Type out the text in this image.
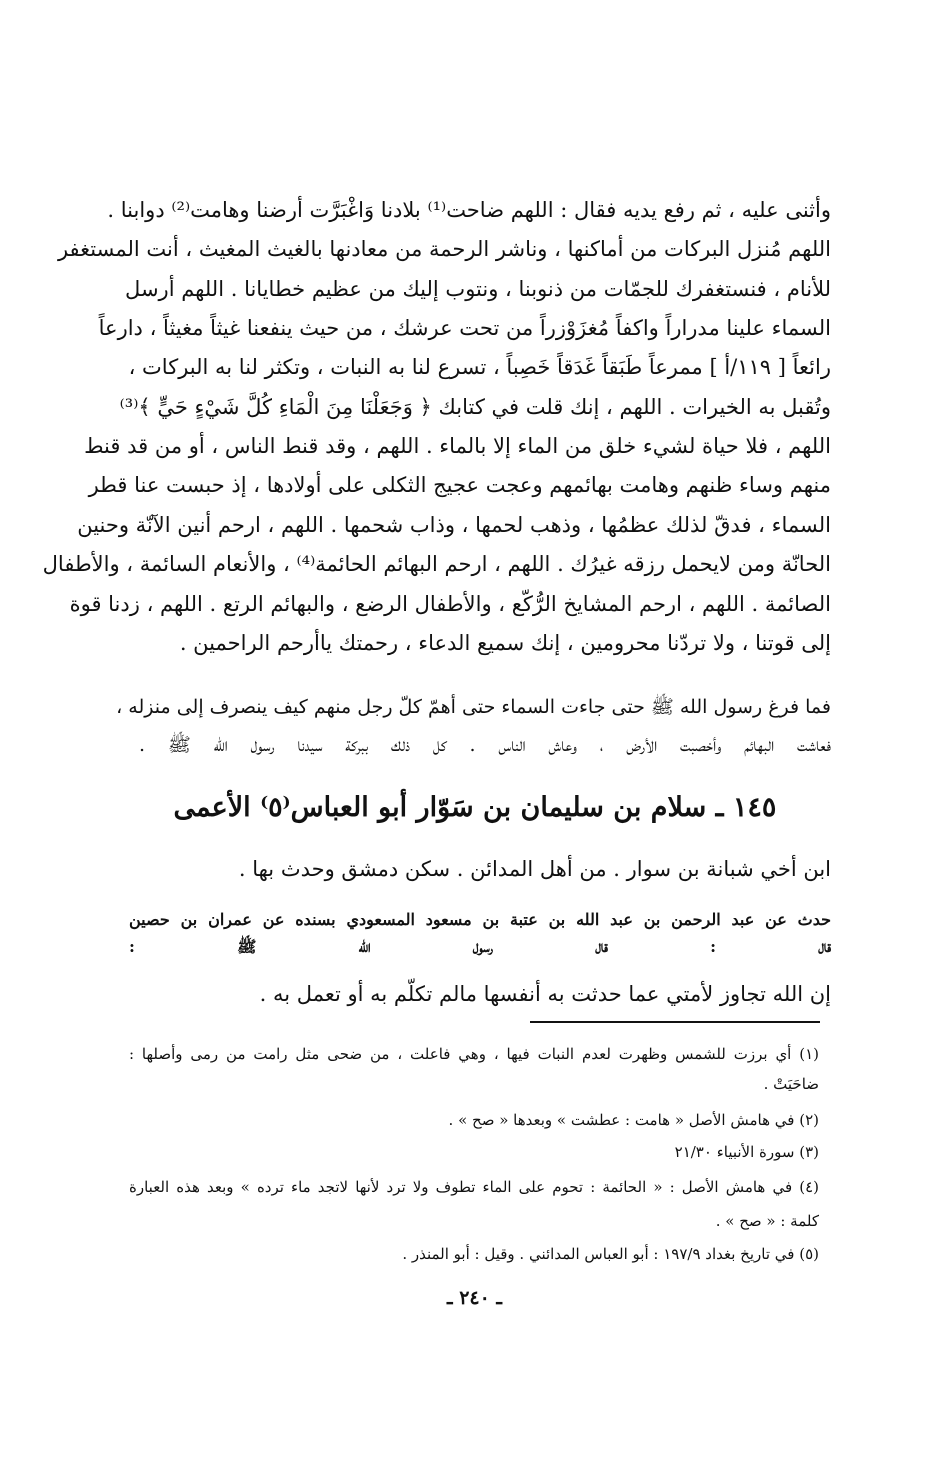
وأثنى عليه ، ثم رفع يديه فقال : اللهم ضاحت⁽¹⁾ بلادنا وَاغْبَرَّت أرضنا وهامت⁽²⁾ دوابنا .
اللهم مُنزل البركات من أماكنها ، وناشر الرحمة من معادنها بالغيث المغيث ، أنت المستغفر
للأنام ، فنستغفرك للجمّات من ذنوبنا ، ونتوب إليك من عظيم خطايانا . اللهم أرسل
السماء علينا مدراراً واكفاً مُغزَوْزراً من تحت عرشك ، من حيث ينفعنا غيثاً مغيثاً ، دارعاً
رائعاً [ ١١٩/أ ] ممرعاً طَبَقاً غَدَقاً خَصِباً ، تسرع لنا به النبات ، وتكثر لنا به البركات ،
وتُقبل به الخيرات . اللهم ، إنك قلت في كتابك ﴿ وَجَعَلْنَا مِنَ الْمَاءِ كُلَّ شَيْءٍ حَيٍّ ﴾⁽³⁾
اللهم ، فلا حياة لشيء خلق من الماء إلا بالماء . اللهم ، وقد قنط الناس ، أو من قد قنط
منهم وساء ظنهم وهامت بهائمهم وعجت عجيج الثكلى على أولادها ، إذ حبست عنا قطر
السماء ، فدقّ لذلك عظمُها ، وذهب لحمها ، وذاب شحمها . اللهم ، ارحم أنين الآنّة وحنين
الحانّة ومن لايحمل رزقه غيرُك . اللهم ، ارحم البهائم الحائمة⁽⁴⁾ ، والأنعام السائمة ، والأطفال
الصائمة . اللهم ، ارحم المشايخ الرُّكّع ، والأطفال الرضع ، والبهائم الرتع . اللهم ، زدنا قوة
إلى قوتنا ، ولا تردّنا محرومين ، إنك سميع الدعاء ، رحمتك ياأرحم الراحمين .
فما فرغ رسول الله ﷺ حتى جاءت السماء حتى أهمّ كلّ رجل منهم كيف ينصرف إلى منزله ،
فعاشت البهائم وأخصبت الأرض ، وعاش الناس . كل ذلك ببركة سيدنا رسول الله ﷺ .
١٤٥ ـ سلام بن سليمان بن سَوّار أبو العباس⁽٥⁾ الأعمى
ابن أخي شبانة بن سوار . من أهل المدائن . سكن دمشق وحدث بها .
حدث عن عبد الرحمن بن عبد الله بن عتبة بن مسعود المسعودي بسنده عن عمران بن حصين
قال : قال رسول الله ﷺ :
إن الله تجاوز لأمتي عما حدثت به أنفسها مالم تكلّم به أو تعمل به .
(١) أي برزت للشمس وظهرت لعدم النبات فيها ، وهي فاعلت ، من ضحى مثل رامت من رمى وأصلها :
ضاحَيَتْ .
(٢) في هامش الأصل « هامت : عطشت » وبعدها « صح » .
(٣) سورة الأنبياء ٢١/٣٠
(٤) في هامش الأصل : « الحائمة : تحوم على الماء تطوف ولا ترد لأنها لاتجد ماء ترده » وبعد هذه العبارة
كلمة : « صح » .
(٥) في تاريخ بغداد ١٩٧/٩ : أبو العباس المدائني . وقيل : أبو المنذر .
ـ ٢٤٠ ـ
